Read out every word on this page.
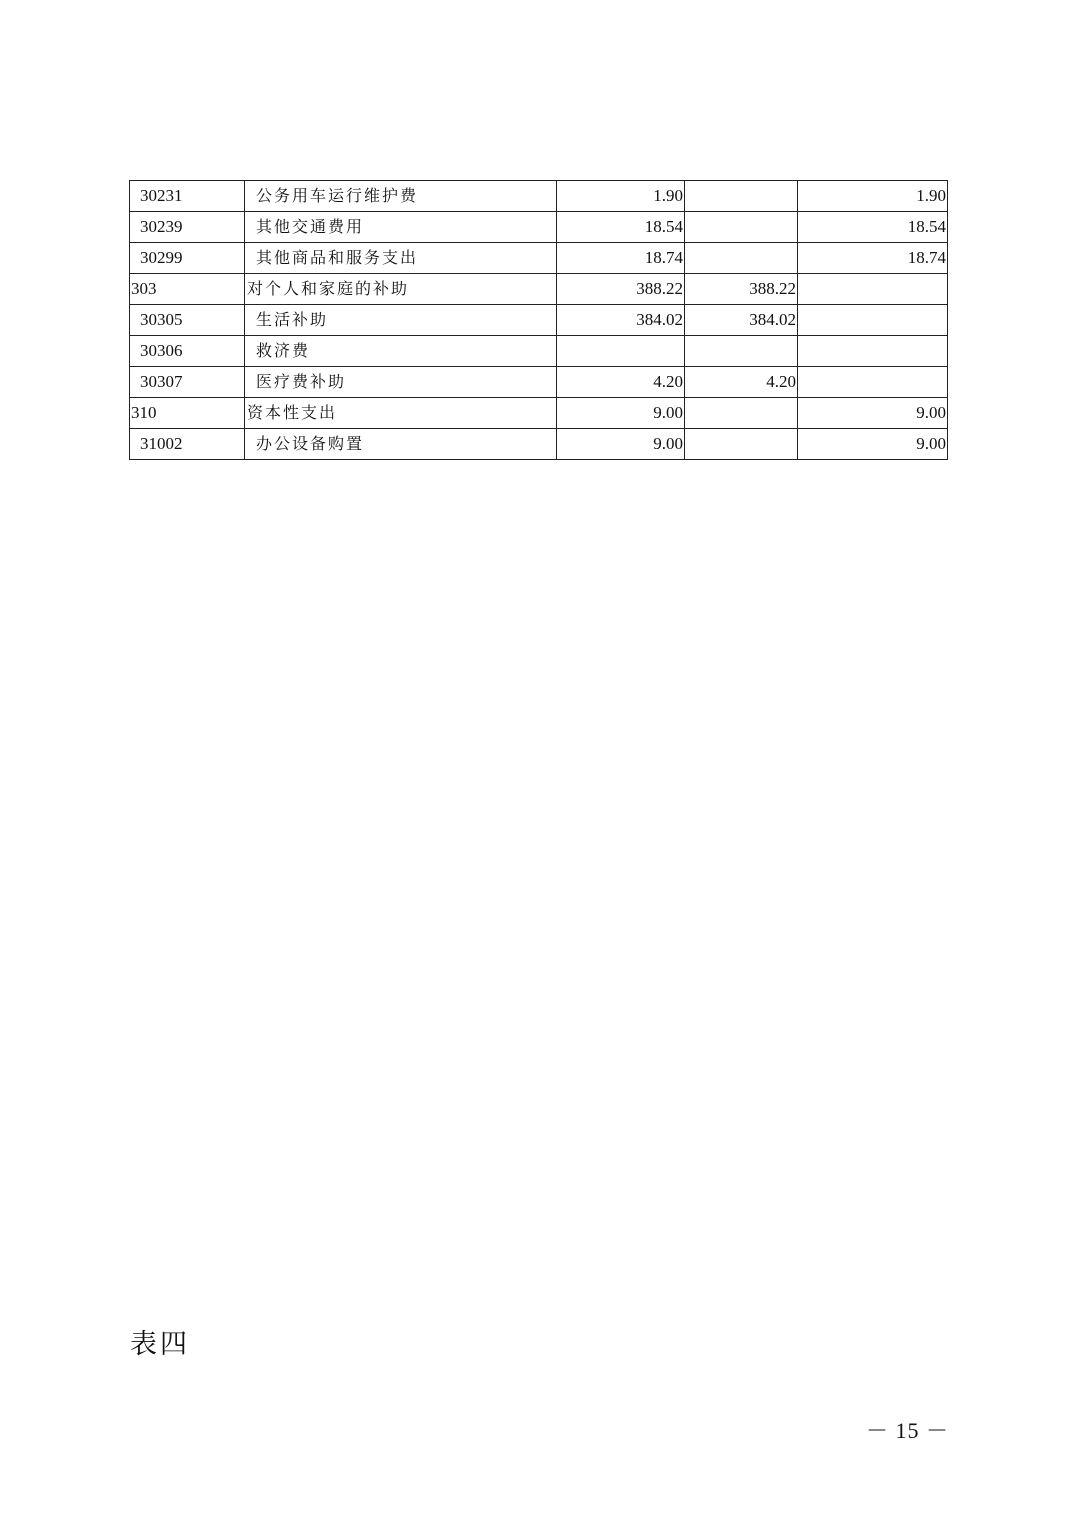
30231	公务用车运行维护费	1.90		1.90
30239	其他交通费用	18.54		18.54
30299	其他商品和服务支出	18.74		18.74
303	对个人和家庭的补助	388.22	388.22	
30305	生活补助	384.02	384.02	
30306	救济费			
30307	医疗费补助	4.20	4.20	
310	资本性支出	9.00		9.00
31002	办公设备购置	9.00		9.00
表四
－ 15 －
